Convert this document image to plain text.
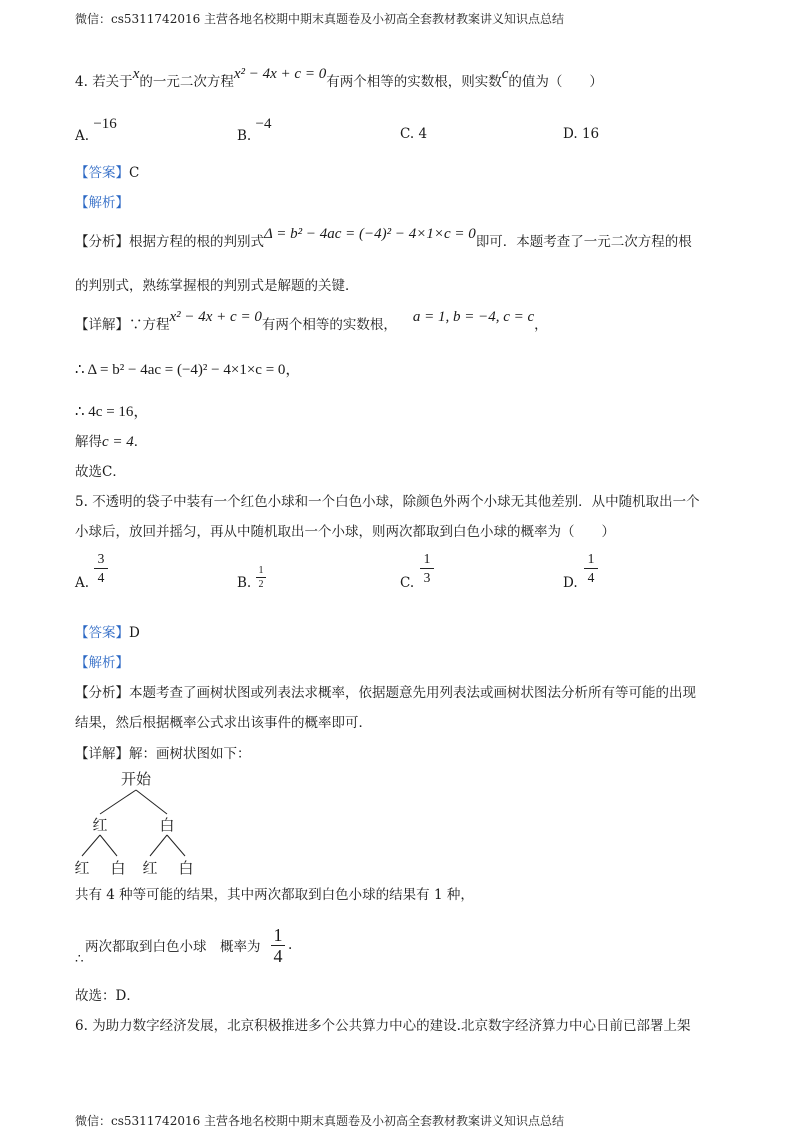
微信：cs5311742016 主营各地名校期中期末真题卷及小初高全套教材教案讲义知识点总结
4. 若关于x的一元二次方程x² − 4x + c = 0有两个相等的实数根，则实数c的值为（　　）
A. −16
B. −4
C. 4	D. 16
【答案】C
【解析】
【分析】根据方程的根的判别式Δ = b² − 4ac = (−4)² − 4×1×c = 0即可．本题考查了一元二次方程的根
的判别式，熟练掌握根的判别式是解题的关键．
【详解】∵方程x² − 4x + c = 0有两个相等的实数根， a = 1, b = −4, c = c，
∴ Δ = b² − 4ac = (−4)² − 4×1×c = 0，
∴ 4c = 16，
解得c = 4．
故选C．
5. 不透明的袋子中装有一个红色小球和一个白色小球，除颜色外两个小球无其他差别．从中随机取出一个
小球后，放回并摇匀，再从中随机取出一个小球，则两次都取到白色小球的概率为（　　）
A.
3
4	B.
1
2	C.
1
3	D.
1
4
【答案】D
【解析】
【分析】本题考查了画树状图或列表法求概率，依据题意先用列表法或画树状图法分析所有等可能的出现
结果，然后根据概率公式求出该事件的概率即可．
【详解】解：画树状图如下：
开始
红	白
红 白 红 白
共有 4 种等可能的结果，其中两次都取到白色小球的结果有 1 种，
两次都取到白色小球　概率为
∴
1
4
.
故选：D．
6. 为助力数字经济发展，北京积极推进多个公共算力中心的建设.北京数字经济算力中心日前已部署上架
微信：cs5311742016 主营各地名校期中期末真题卷及小初高全套教材教案讲义知识点总结
